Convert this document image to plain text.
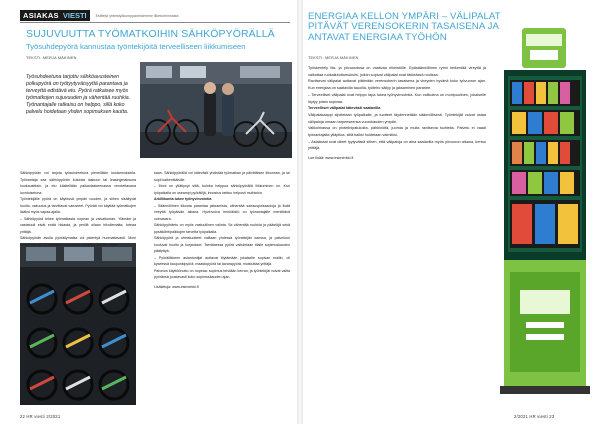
ASIAKAS VIESTI	Esittelyt yhteistyökumppaneidemme liiketoiminnasta
SUJUVUUTTA TYÖMATKOIHIN SÄHKÖPYÖRÄLLÄ
Työsuhdepyörä kannustaa työntekijöitä terveelliseen liikkumiseen
TEKSTI: MERJA MÄKINEN

Työsuhdeetuna tarjottu sähköavusteinen polkupyörä on työtyytyväisyyttä parantava ja terveyttä edistävä etu. Pyörä ratkaisee myös työmatkojen sujuvuuden ja vähentää ruuhkia. Työnantajalle ratkaisu on helppo, sillä koko palvelu hoidetaan yhden sopimuksen kautta.

Sähköpyörän voi tarjota työsuhdeetuna pienelläkin kustannuksella. Työnantaja saa sähköpyörän kuluista laskuun tai leasingmaksuna kuukausittain, ja etu käsitellään palkanlaskennassa verotettavana luontoisetuna.

Työntekijälle pyörä on käytössä ympäri vuoden, ja siihen sisältyvät huolto, vakuutus ja tarvittavat varusteet. Pyörää voi käyttää työmatkojen lisäksi myös vapaa-ajalla.

– Sähköpyörä tekee työmatkasta nopean ja vaivattoman. Ylämäet ja vastatuuli eivät enää hidasta, ja perillä ollaan hikoilematta, toteaa yrittäjä.

Sähköpyörän avulla pyöräilymatka voi pidentyä huomattavasti. Moni kulkee nyt 10–20 kilometrin työmatkan pyörällä autoilun sijaan.

kaan. Sähköpyörällä voi kätevästi yhdistää työmatkan ja päivittäisen liikunnan, ja se sopii kaikenikäisille.

– Moni on yllättynyt siitä, kuinka helppoa sähköpyörällä liikkuminen on. Kun työpaikalla on useampi pyöräilijä, innostus tarttuu helposti muihinkin.

Arkiliikunta tukee työhyvinvointia

– Säännöllinen liikunta parantaa jaksamista, vähentää sairauspoissaoloja ja lisää vireyttä työpäivän aikana. Hyvinvoiva henkilöstö on työnantajalle merkittävä voimavara.

Sähköpyöräetu on myös vastuullinen valinta. Se vähentää ruuhkia ja päästöjä sekä pysäköintipaikkojen tarvetta työpaikalla.

Sähköpyörä ja oheistuotteet valitaan yhdessä työntekijän kanssa, ja palveluun kuuluvat huolto ja korjaukset. Tarvittaessa pyörä vaihdetaan tilalle sopimuskauden päätyttyä.

– Pyöräliikkeen asiantuntijat auttavat löytämään jokaiselle sopivan mallin, oli kyseessä kaupunkipyörä, maastopyörä tai tavarapyörä, muistuttaa yrittäjä.

Palvelun käyttöönotto on nopeaa: sopimus tehdään kerran, ja työntekijät voivat valita pyöränsä joustavasti koko sopimuskauden ajan.

Lisätietoja: www.esimerkki.fi

22 HR viesti 2/2021
ENERGIAA KELLON YMPÄRI – VÄLIPALAT PITÄVÄT VERENSOKERIN TASAISENA JA ANTAVAT ENERGIAA TYÖHÖN
TEKSTI: MERJA MÄKINEN

Työskentely ilta- ja yövuoroissa on vaativaa elimistölle. Epäsäännöllinen rytmi heikentää vireyttä ja vaikuttaa ruokailutottumuksiin, jolloin sopivat välipalat ovat tärkeässä roolissa.

Ravitsevat välipalat auttavat pitämään verensokerin tasaisena ja vireyden hyvänä koko työvuoron ajan. Kun energiaa on saatavilla tauoilla, työteho säilyy ja jaksaminen paranee.

– Terveelliset välipalat ovat helppo tapa tukea työhyvinvointia. Kun valikoima on monipuolinen, jokaiselle löytyy jotain sopivaa.

Terveelliset välipalat kätevästi saatavilla

Välipalakaappi sijoitetaan työpaikalle, ja tuotteet täydennetään säännöllisesti. Työntekijät voivat ostaa välipaloja omaan tarpeeseensa vuorokauden ympäri.

Valikoimassa on proteiinipatukoita, pähkinöitä, juomia ja muita ravitsevia tuotteita. Palvelu ei vaadi työnantajalta ylläpitoa, sillä kaikki hoidetaan valmiiksi.

– Asiakkaat ovat olleet tyytyväisiä siihen, että välipaloja on aina saatavilla myös yövuoron aikana, kertoo yrittäjä.

Lue lisää: www.esimerkki.fi

2/2021 HR viesti 23
